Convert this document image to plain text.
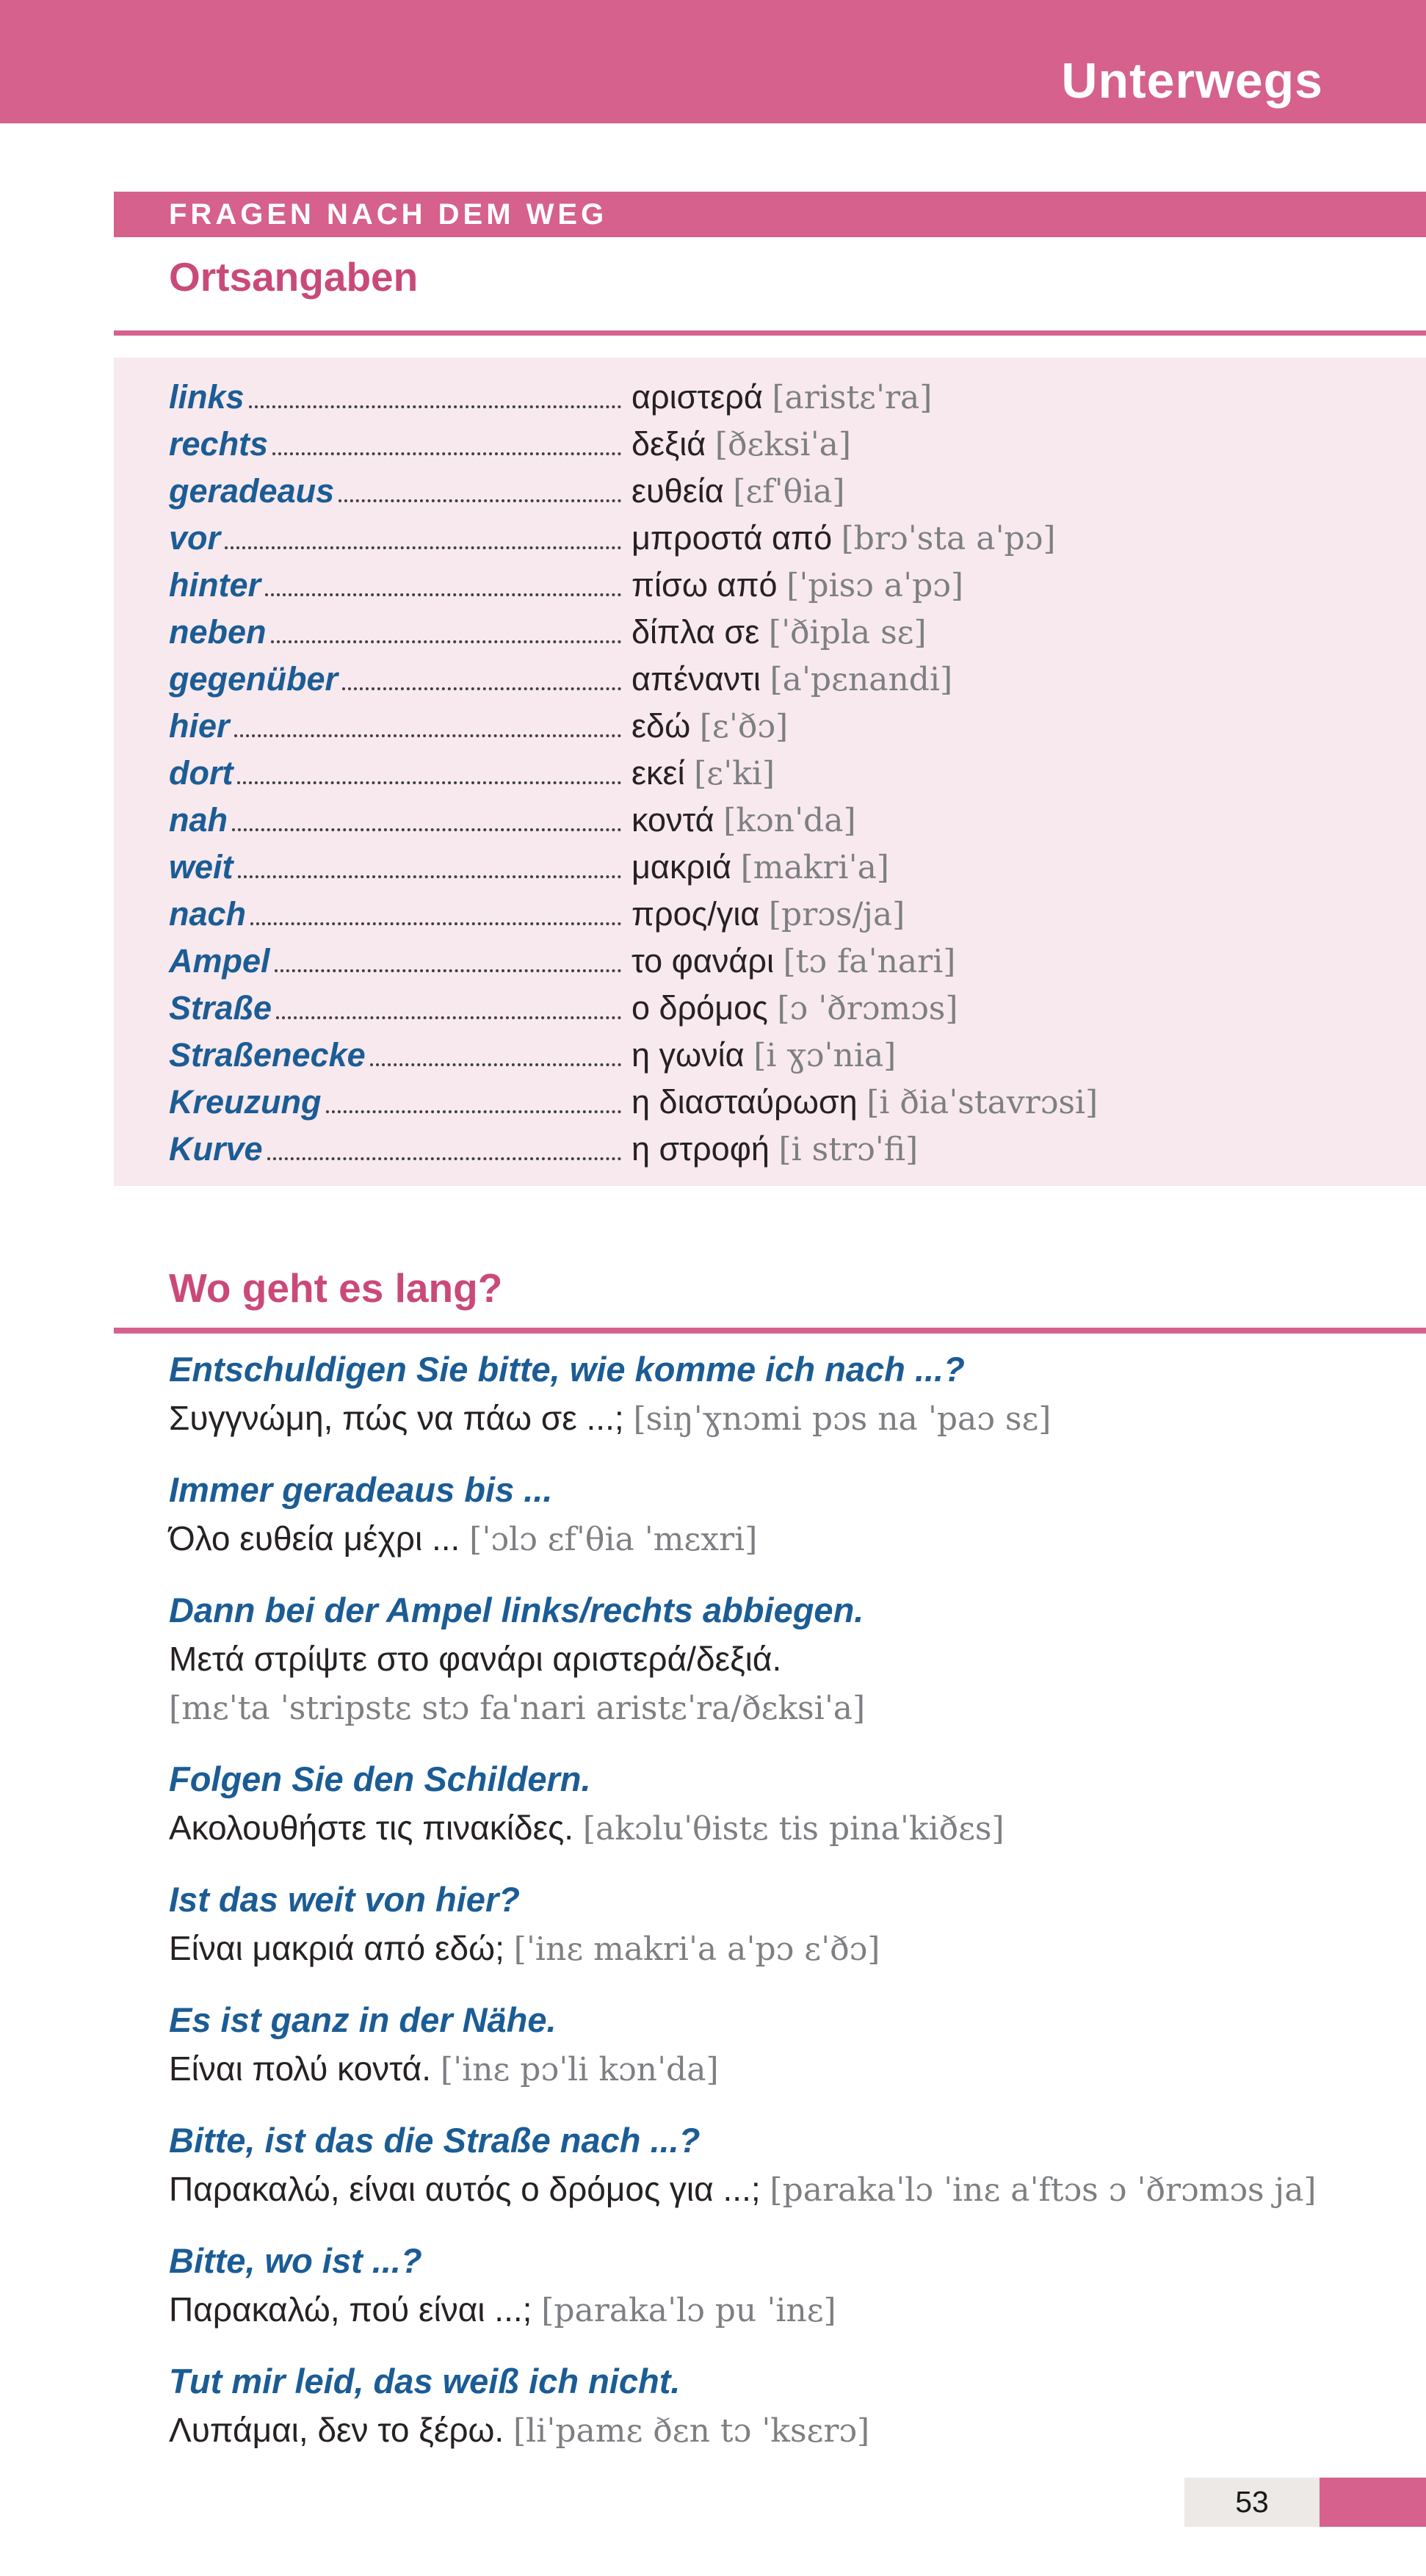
Unterwegs
FRAGEN NACH DEM WEG
Ortsangaben
links	αριστερά [aristɛˈra]
rechts	δεξιά [ðɛksiˈa]
geradeaus	ευθεία [ɛfˈθia]
vor	μπροστά από [brɔˈsta aˈpɔ]
hinter	πίσω από [ˈpisɔ aˈpɔ]
neben	δίπλα σε [ˈðipla sɛ]
gegenüber	απέναντι [aˈpɛnandi]
hier	εδώ [ɛˈðɔ]
dort	εκεί [ɛˈki]
nah	κοντά [kɔnˈda]
weit	μακριά [makriˈa]
nach	προς/για [prɔs/ja]
Ampel	το φανάρι [tɔ faˈnari]
Straße	ο δρόμος [ɔ ˈðrɔmɔs]
Straßenecke	η γωνία [i ɣɔˈnia]
Kreuzung	η διασταύρωση [i ðiaˈstavrɔsi]
Kurve	η στροφή [i strɔˈfi]
Wo geht es lang?
Entschuldigen Sie bitte, wie komme ich nach ...?
Συγγνώμη, πώς να πάω σε ...; [siŋˈɣnɔmi pɔs na ˈpaɔ sɛ]
Immer geradeaus bis ...
Όλο ευθεία μέχρι ... [ˈɔlɔ ɛfˈθia ˈmɛxri]
Dann bei der Ampel links/rechts abbiegen.
Μετά στρίψτε στο φανάρι αριστερά/δεξιά. [mɛˈta ˈstripstɛ stɔ faˈnari aristɛˈra/ðɛksiˈa]
Folgen Sie den Schildern.
Ακολουθήστε τις πινακίδες. [akɔluˈθistɛ tis pinaˈkiðɛs]
Ist das weit von hier?
Είναι μακριά από εδώ; [ˈinɛ makriˈa aˈpɔ ɛˈðɔ]
Es ist ganz in der Nähe.
Είναι πολύ κοντά. [ˈinɛ pɔˈli kɔnˈda]
Bitte, ist das die Straße nach ...?
Παρακαλώ, είναι αυτός ο δρόμος για ...; [parakaˈlɔ ˈinɛ aˈftɔs ɔ ˈðrɔmɔs ja]
Bitte, wo ist ...?
Παρακαλώ, πού είναι ...; [parakaˈlɔ pu ˈinɛ]
Tut mir leid, das weiß ich nicht.
Λυπάμαι, δεν το ξέρω. [liˈpamɛ ðɛn tɔ ˈksɛrɔ]
53
